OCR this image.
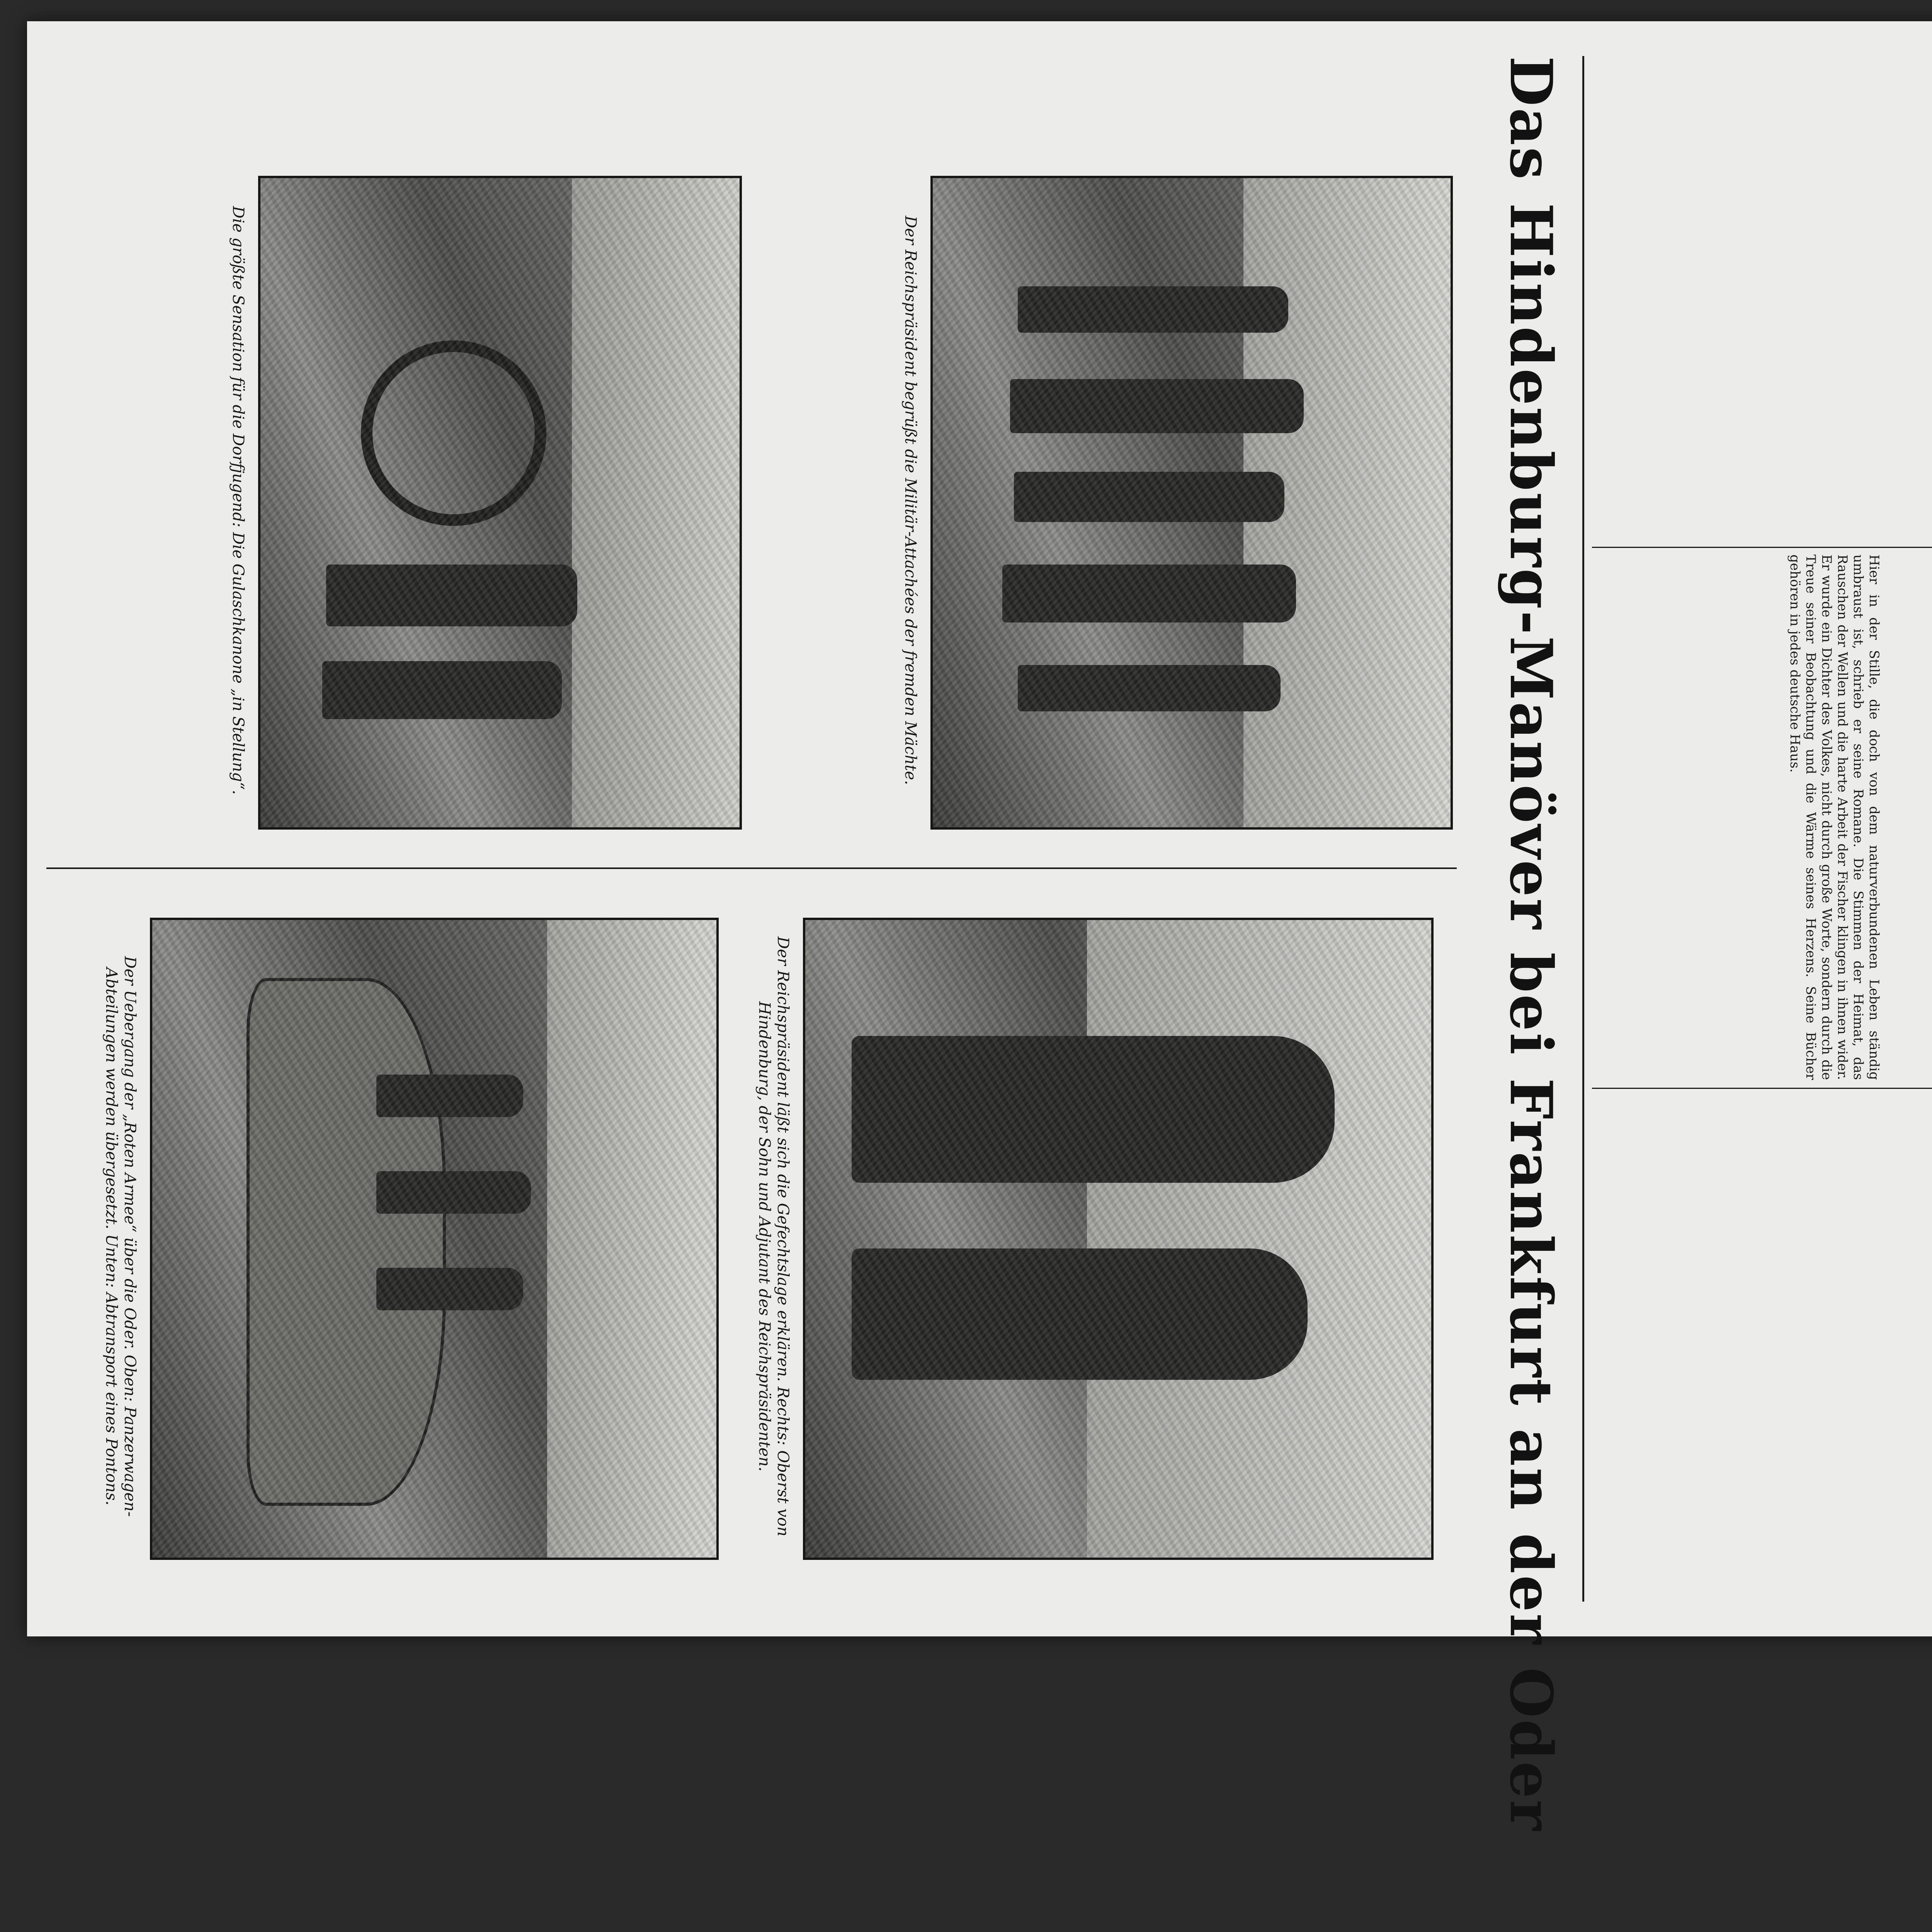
Hier in der Stille, die doch von dem naturverbundenen Leben ständig umbraust ist, schrieb er seine Romane. Die Stimmen der Heimat, das Rauschen der Wellen und die harte Arbeit der Fischer klingen in ihnen wider. Er wurde ein Dichter des Volkes, nicht durch große Worte, sondern durch die Treue seiner Beobachtung und die Wärme seines Herzens. Seine Bücher gehören in jedes deutsche Haus.
Das Hindenburg-Manöver bei Frankfurt an der Oder
Der Reichspräsident begrüßt die Militär-Attachées der fremden Mächte.
Der Reichspräsident läßt sich die Gefechtslage erklären. Rechts: Oberst von Hindenburg, der Sohn und Adjutant des Reichspräsidenten.
Die größte Sensation für die Dorfjugend: Die Gulaschkanone „in Stellung“.
Der Uebergang der „Roten Armee“ über die Oder. Oben: Panzerwagen-Abteilungen werden übergesetzt. Unten: Abtransport eines Pontons.
